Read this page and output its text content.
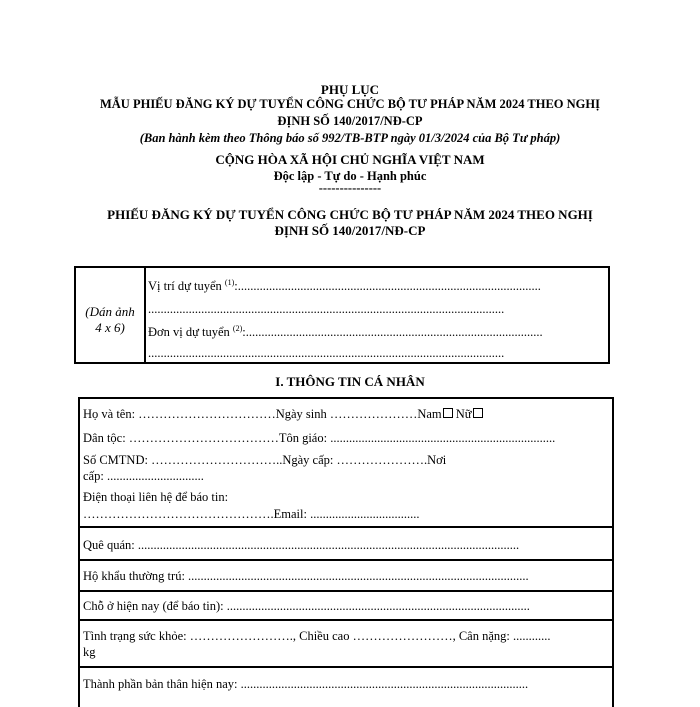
PHỤ LỤC
MẪU PHIẾU ĐĂNG KÝ DỰ TUYỂN CÔNG CHỨC BỘ TƯ PHÁP NĂM 2024 THEO NGHỊ
ĐỊNH SỐ 140/2017/NĐ-CP
(Ban hành kèm theo Thông báo số 992/TB-BTP ngày 01/3/2024 của Bộ Tư pháp)
CỘNG HÒA XÃ HỘI CHỦ NGHĨA VIỆT NAM
Độc lập - Tự do - Hạnh phúc
---------------
PHIẾU ĐĂNG KÝ DỰ TUYỂN CÔNG CHỨC BỘ TƯ PHÁP NĂM 2024 THEO NGHỊ
ĐỊNH SỐ 140/2017/NĐ-CP
(Dán ảnh
4 x 6)
Vị trí dự tuyển $^{(1)}$:.................................................................................................
..................................................................................................................
Đơn vị dự tuyển $^{(2)}$:...............................................................................................
..................................................................................................................
I. THÔNG TIN CÁ NHÂN
Họ và tên: ……………………………Ngày sinh …………………Nam Nữ
Dân tộc: ………………………………Tôn giáo: ........................................................................
Số CMTND: …………………………..Ngày cấp: ………………….Nơi
cấp: ...............................
Điện thoại liên hệ để báo tin:
……………………………………….Email: ...................................
Quê quán: ..........................................................................................................................
Hộ khẩu thường trú: .............................................................................................................
Chỗ ở hiện nay (để báo tin): .................................................................................................
Tình trạng sức khỏe: ……………………., Chiều cao ……………………, Cân nặng: ............
kg
Thành phần bản thân hiện nay: ............................................................................................
